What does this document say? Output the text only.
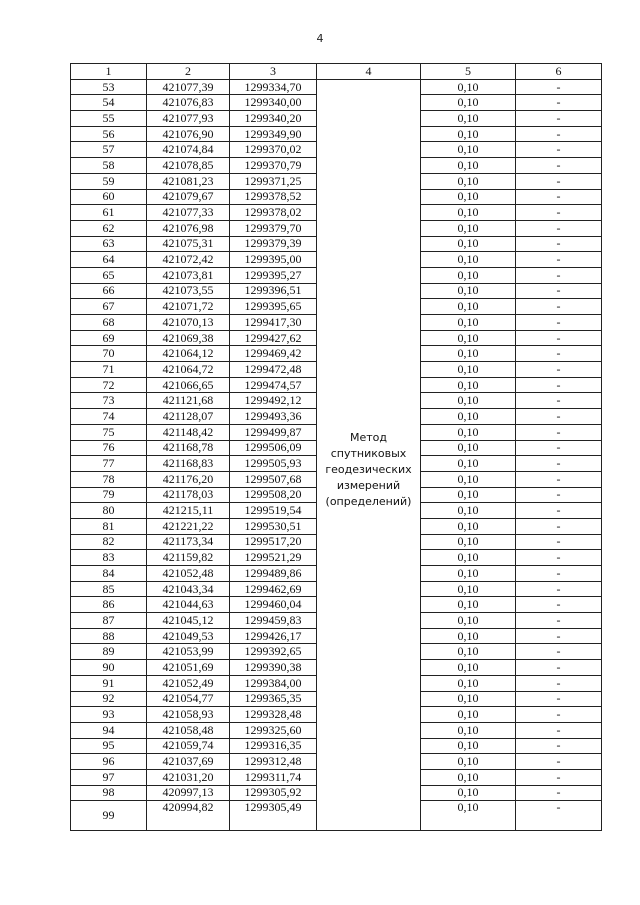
4
1	2	3	4	5	6
53	421077,39	1299334,70	Метод спутниковых геодезических измерений (определений)	0,10	-
54	421076,83	1299340,00		0,10	-
55	421077,93	1299340,20		0,10	-
56	421076,90	1299349,90		0,10	-
57	421074,84	1299370,02		0,10	-
58	421078,85	1299370,79		0,10	-
59	421081,23	1299371,25		0,10	-
60	421079,67	1299378,52		0,10	-
61	421077,33	1299378,02		0,10	-
62	421076,98	1299379,70		0,10	-
63	421075,31	1299379,39		0,10	-
64	421072,42	1299395,00		0,10	-
65	421073,81	1299395,27		0,10	-
66	421073,55	1299396,51		0,10	-
67	421071,72	1299395,65		0,10	-
68	421070,13	1299417,30		0,10	-
69	421069,38	1299427,62		0,10	-
70	421064,12	1299469,42		0,10	-
71	421064,72	1299472,48		0,10	-
72	421066,65	1299474,57		0,10	-
73	421121,68	1299492,12		0,10	-
74	421128,07	1299493,36		0,10	-
75	421148,42	1299499,87		0,10	-
76	421168,78	1299506,09		0,10	-
77	421168,83	1299505,93		0,10	-
78	421176,20	1299507,68		0,10	-
79	421178,03	1299508,20		0,10	-
80	421215,11	1299519,54		0,10	-
81	421221,22	1299530,51		0,10	-
82	421173,34	1299517,20		0,10	-
83	421159,82	1299521,29		0,10	-
84	421052,48	1299489,86		0,10	-
85	421043,34	1299462,69		0,10	-
86	421044,63	1299460,04		0,10	-
87	421045,12	1299459,83		0,10	-
88	421049,53	1299426,17		0,10	-
89	421053,99	1299392,65		0,10	-
90	421051,69	1299390,38		0,10	-
91	421052,49	1299384,00		0,10	-
92	421054,77	1299365,35		0,10	-
93	421058,93	1299328,48		0,10	-
94	421058,48	1299325,60		0,10	-
95	421059,74	1299316,35		0,10	-
96	421037,69	1299312,48		0,10	-
97	421031,20	1299311,74		0,10	-
98	420997,13	1299305,92		0,10	-
99	420994,82	1299305,49		0,10	-
